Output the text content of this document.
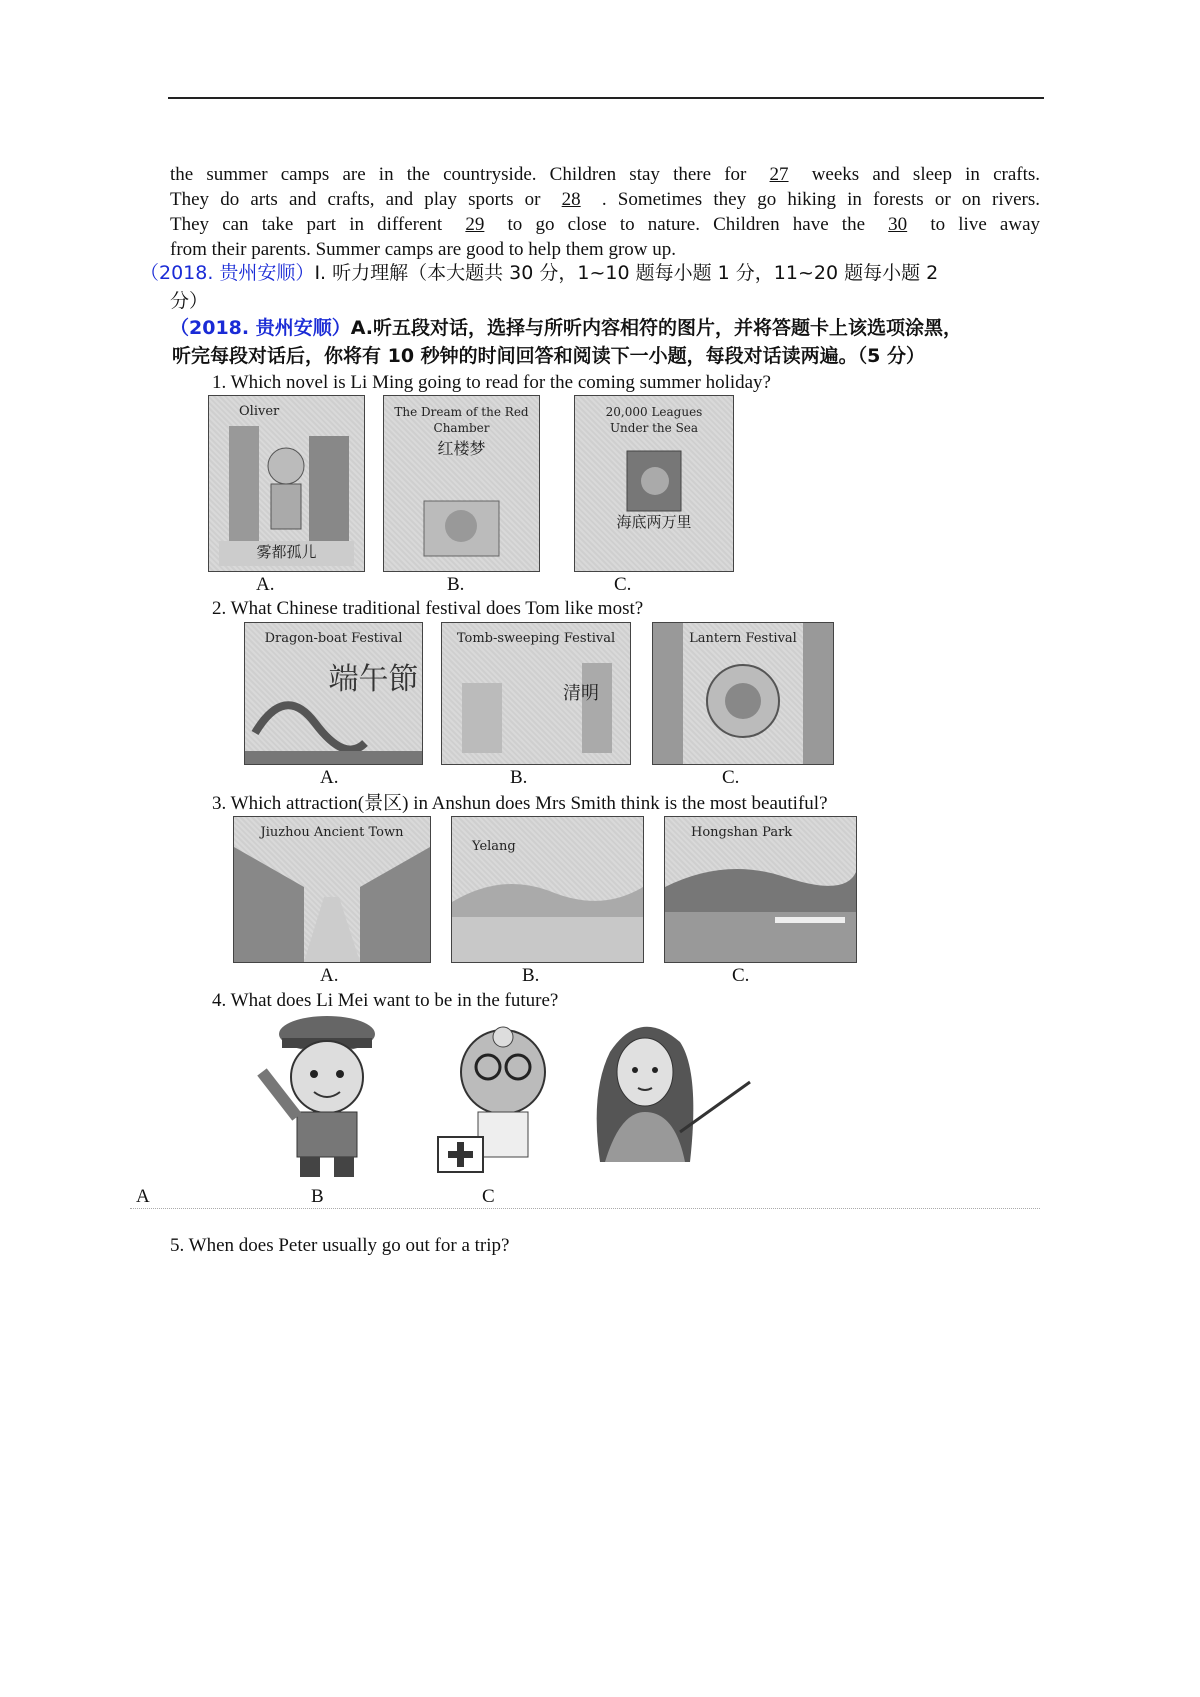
the summer camps are in the countryside. Children stay there for 27 weeks and sleep in crafts.
They do arts and crafts, and play sports or 28 . Sometimes they go hiking in forests or on rivers.
They can take part in different 29 to go close to nature. Children have the 30 to live away
from their parents. Summer camps are good to help them grow up.
（2018. 贵州安顺）Ⅰ. 听力理解（本大题共 30 分，1~10 题每小题 1 分，11~20 题每小题 2
分）
（2018. 贵州安顺）A.听五段对话，选择与所听内容相符的图片，并将答题卡上该选项涂黑，
听完每段对话后，你将有 10 秒钟的时间回答和阅读下一小题，每段对话读两遍。（5 分）
1. Which novel is Li Ming going to read for the coming summer holiday?
Oliver
雾都孤儿
The Dream of the Red Chamber
红楼梦
20,000 Leagues Under the Sea
海底两万里
A.	B.	C.
2. What Chinese traditional festival does Tom like most?
Dragon-boat Festival
端午節
Tomb-sweeping Festival
清明
Lantern Festival
A.	B.	C.
3. Which attraction(景区) in Anshun does Mrs Smith think is the most beautiful?
Jiuzhou Ancient Town
Yelang
Hongshan Park
A.	B.	C.
4. What does Li Mei want to be in the future?
A	B	C
5. When does Peter usually go out for a trip?
